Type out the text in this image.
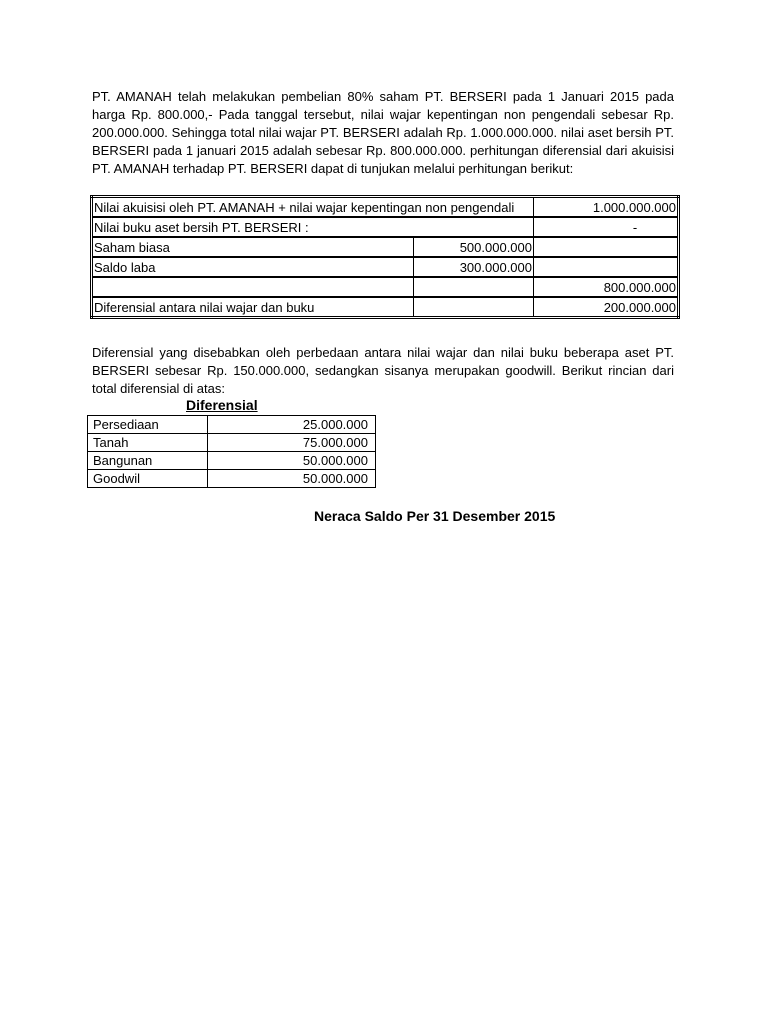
PT. AMANAH telah melakukan pembelian 80% saham PT. BERSERI pada 1 Januari 2015 pada harga Rp. 800.000,- Pada tanggal tersebut, nilai wajar kepentingan non pengendali sebesar Rp. 200.000.000. Sehingga total nilai wajar PT. BERSERI adalah Rp. 1.000.000.000. nilai aset bersih PT. BERSERI pada 1 januari 2015 adalah sebesar Rp. 800.000.000. perhitungan diferensial dari akuisisi PT. AMANAH terhadap PT. BERSERI dapat di tunjukan melalui perhitungan berikut:
Nilai akuisisi oleh PT. AMANAH + nilai wajar kepentingan non pengendali		1.000.000.000
Nilai buku aset bersih PT. BERSERI :		-
Saham biasa	500.000.000	
Saldo laba	300.000.000	
		800.000.000
Diferensial antara nilai wajar dan buku		200.000.000
Diferensial yang disebabkan oleh perbedaan antara nilai wajar dan nilai buku beberapa aset PT. BERSERI sebesar Rp. 150.000.000, sedangkan sisanya merupakan goodwill. Berikut rincian dari total diferensial di atas:
Diferensial
Persediaan	25.000.000
Tanah	75.000.000
Bangunan	50.000.000
Goodwil	50.000.000
Neraca Saldo Per 31 Desember 2015
